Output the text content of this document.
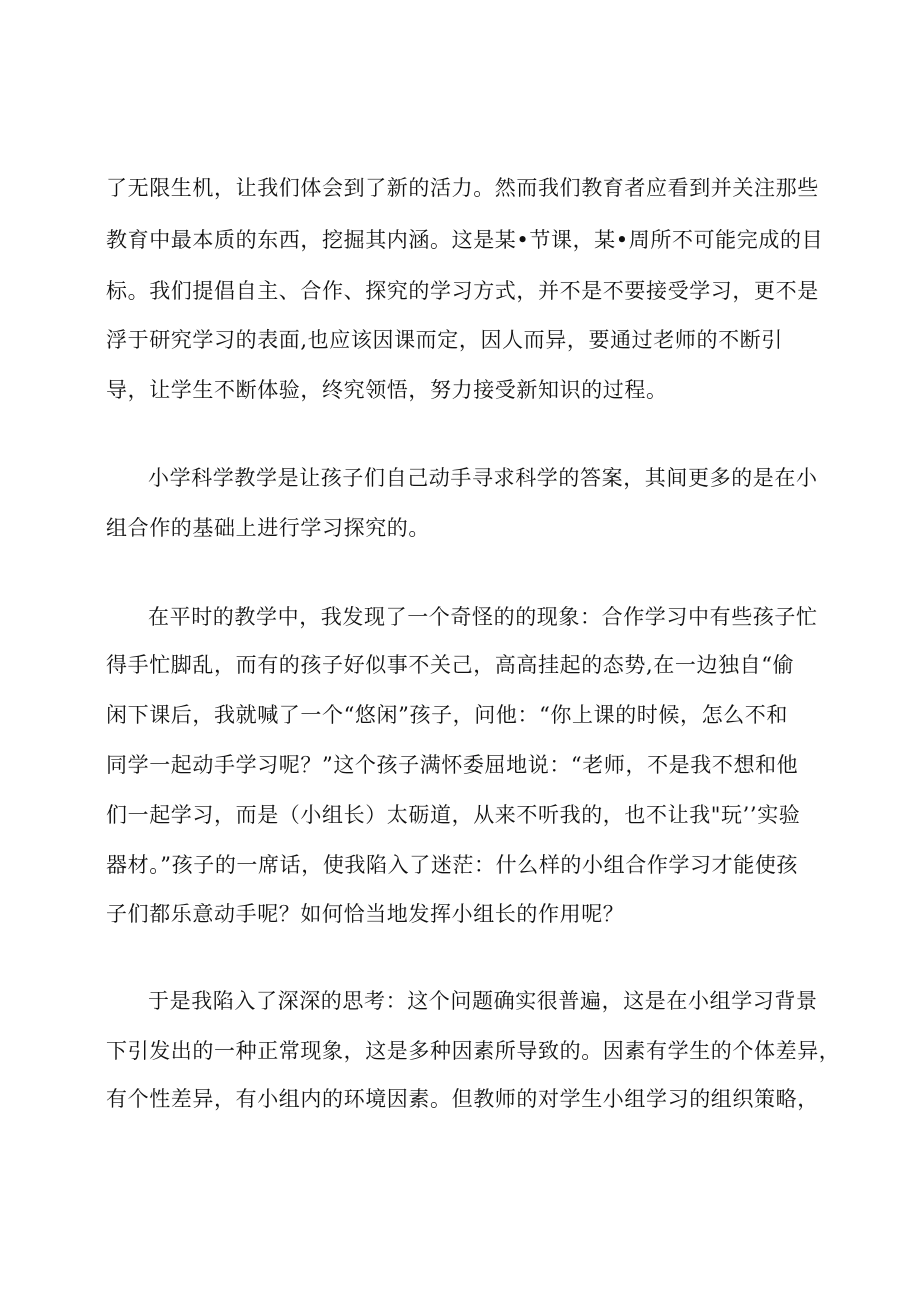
了无限生机，让我们体会到了新的活力。然而我们教育者应看到并关注那些
教育中最本质的东西，挖掘其内涵。这是某•节课，某•周所不可能完成的目
标。我们提倡自主、合作、探究的学习方式，并不是不要接受学习，更不是
浮于研究学习的表面,也应该因课而定，因人而异，要通过老师的不断引
导，让学生不断体验，终究领悟，努力接受新知识的过程。
小学科学教学是让孩子们自己动手寻求科学的答案，其间更多的是在小
组合作的基础上进行学习探究的。
在平时的教学中，我发现了一个奇怪的的现象：合作学习中有些孩子忙
得手忙脚乱，而有的孩子好似事不关己，高高挂起的态势,在一边独自“偷
闲下课后，我就喊了一个“悠闲”孩子，问他：“你上课的时候，怎么不和
同学一起动手学习呢？”这个孩子满怀委屈地说：“老师，不是我不想和他
们一起学习，而是（小组长）太砺道，从来不听我的，也不让我"玩’’实验
器材。”孩子的一席话，使我陷入了迷茫：什么样的小组合作学习才能使孩
子们都乐意动手呢？如何恰当地发挥小组长的作用呢？
于是我陷入了深深的思考：这个问题确实很普遍，这是在小组学习背景
下引发出的一种正常现象，这是多种因素所导致的。因素有学生的个体差异，
有个性差异，有小组内的环境因素。但教师的对学生小组学习的组织策略，
